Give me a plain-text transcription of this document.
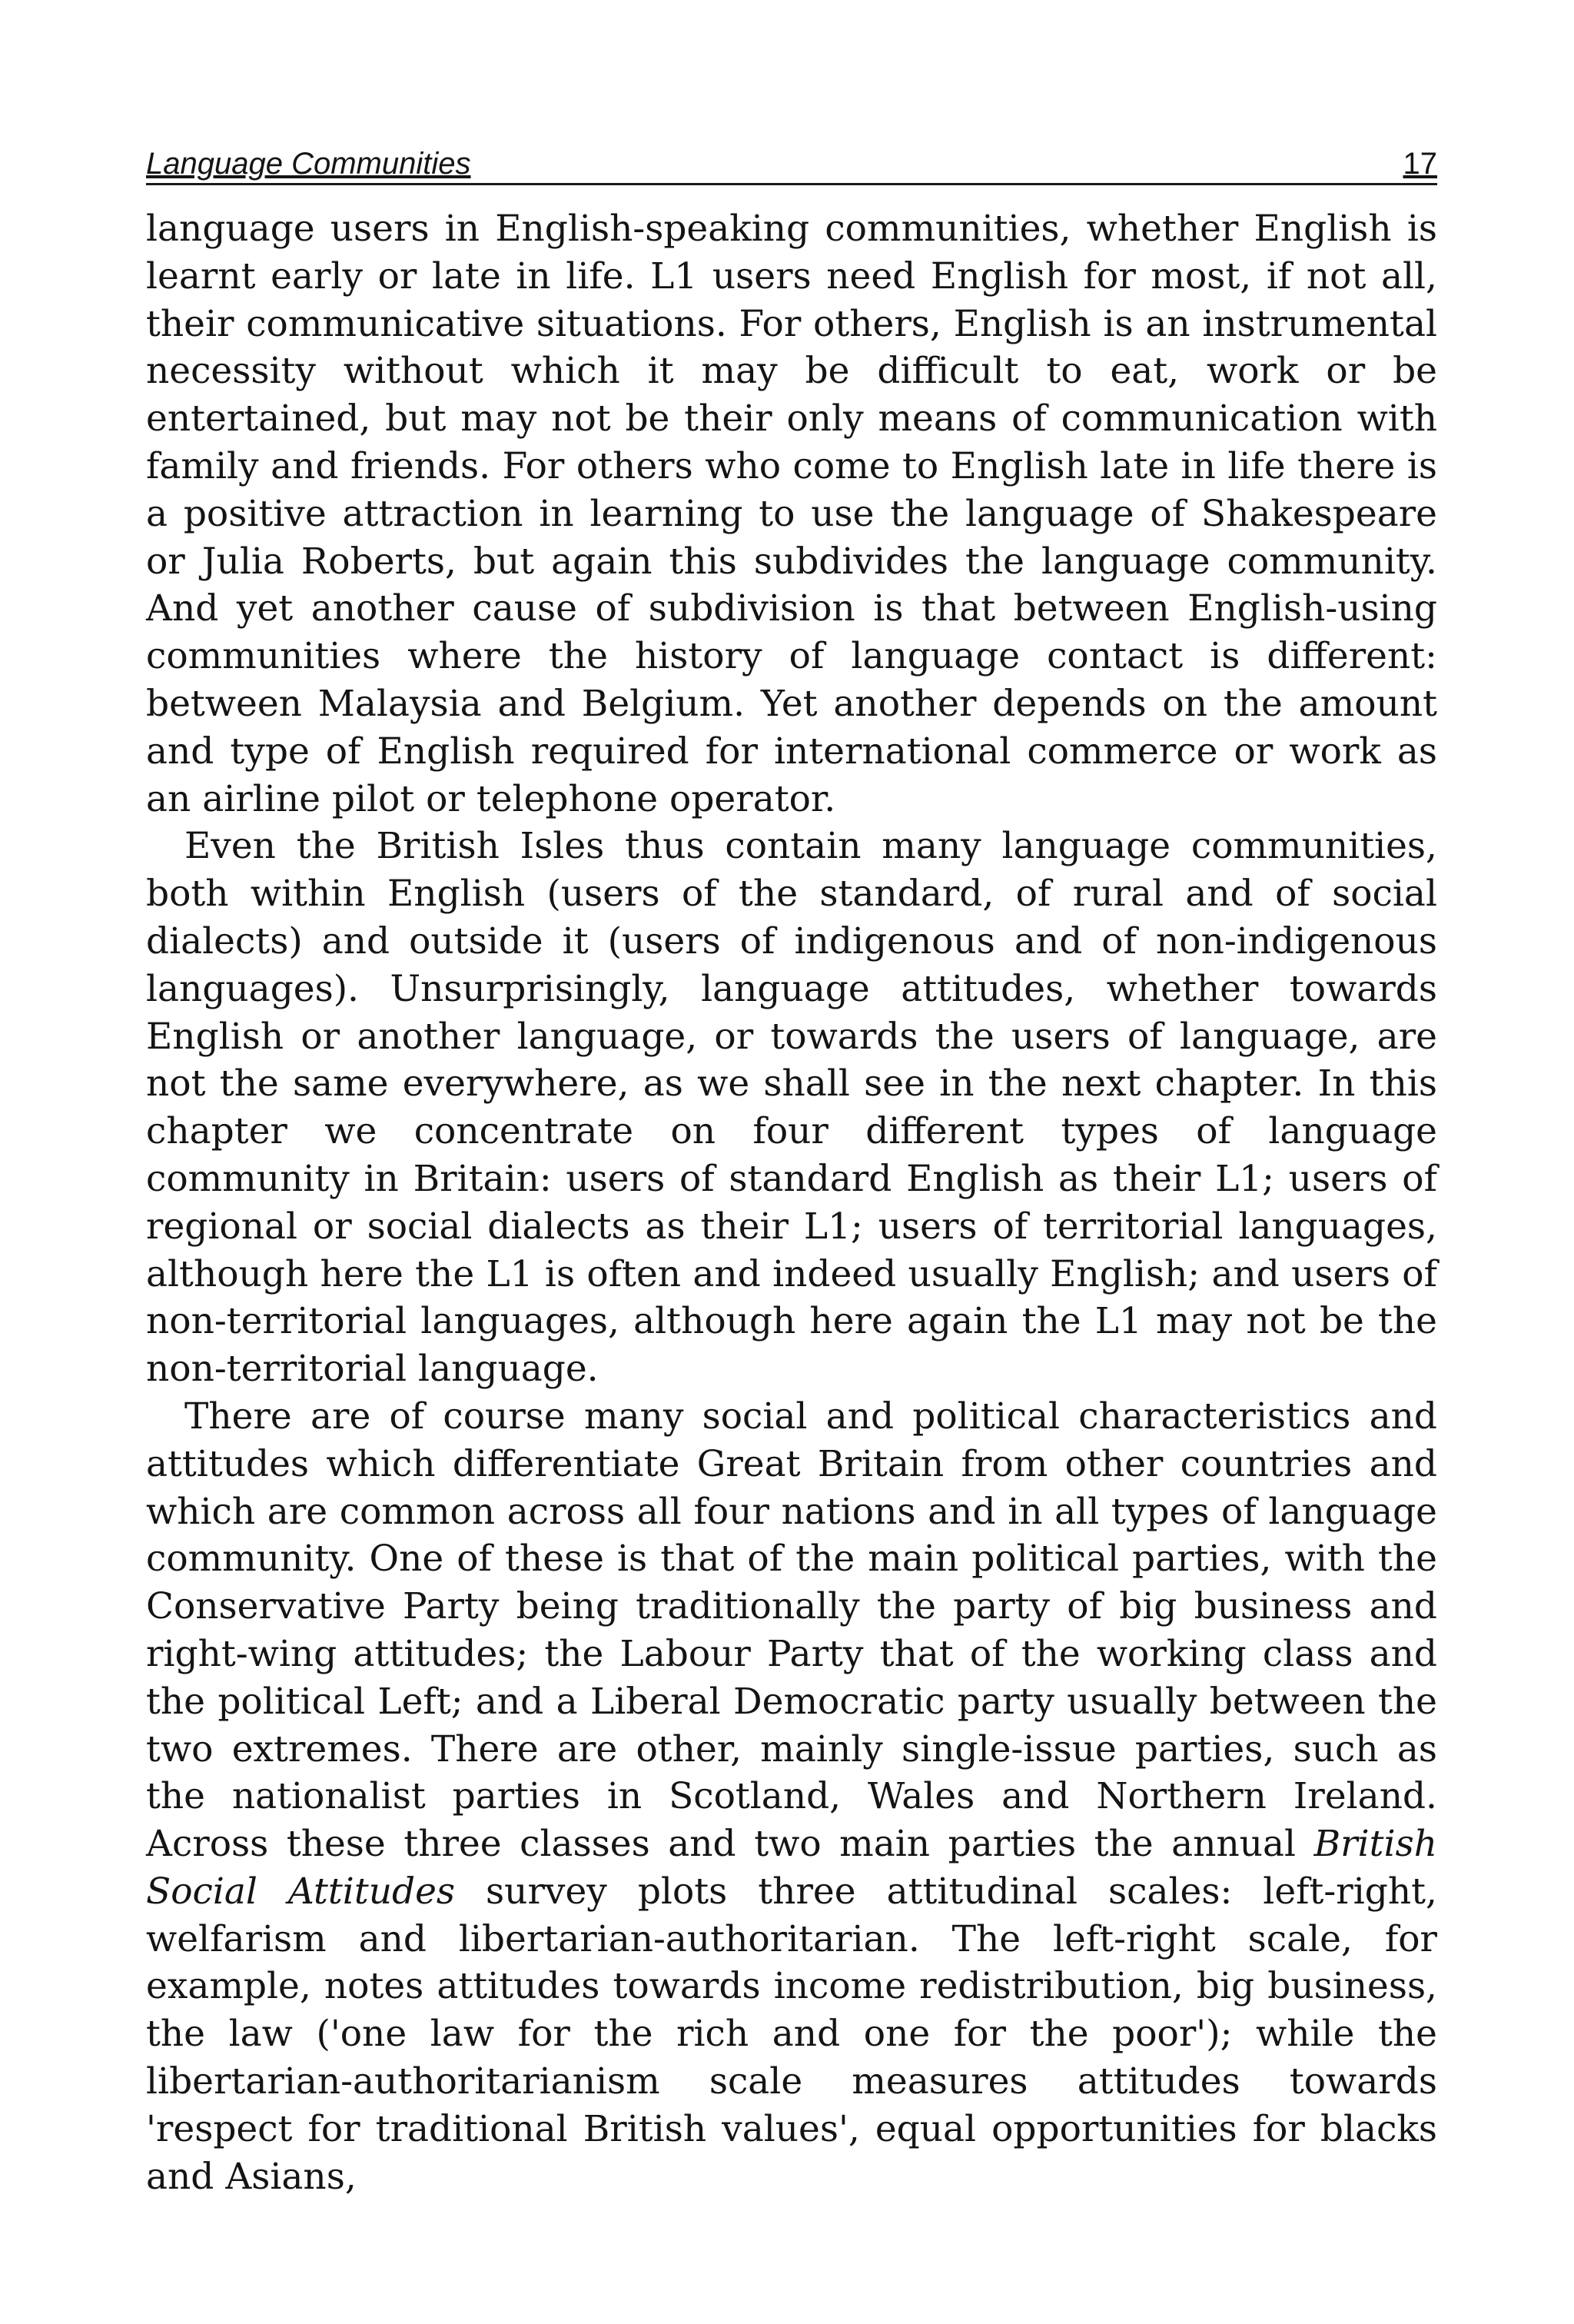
Language Communities	17

language users in English-speaking communities, whether English is learnt early or late in life. L1 users need English for most, if not all, their communicative situations. For others, English is an instrumental necessity without which it may be difficult to eat, work or be entertained, but may not be their only means of communication with family and friends. For others who come to English late in life there is a positive attraction in learning to use the language of Shakespeare or Julia Roberts, but again this subdivides the language community. And yet another cause of subdivision is that between English-using communities where the history of language contact is different: between Malaysia and Belgium. Yet another depends on the amount and type of English required for international commerce or work as an airline pilot or telephone operator.

Even the British Isles thus contain many language communities, both within English (users of the standard, of rural and of social dialects) and outside it (users of indigenous and of non-indigenous languages). Unsurprisingly, language attitudes, whether towards English or another language, or towards the users of language, are not the same everywhere, as we shall see in the next chapter. In this chapter we concentrate on four different types of language community in Britain: users of standard English as their L1; users of regional or social dialects as their L1; users of territorial languages, although here the L1 is often and indeed usually English; and users of non-territorial languages, although here again the L1 may not be the non-territorial language.

There are of course many social and political characteristics and attitudes which differentiate Great Britain from other countries and which are common across all four nations and in all types of language community. One of these is that of the main political parties, with the Conservative Party being traditionally the party of big business and right-wing attitudes; the Labour Party that of the working class and the political Left; and a Liberal Democratic party usually between the two extremes. There are other, mainly single-issue parties, such as the nationalist parties in Scotland, Wales and Northern Ireland. Across these three classes and two main parties the annual British Social Attitudes survey plots three attitudinal scales: left-right, welfarism and libertarian-authoritarian. The left-right scale, for example, notes attitudes towards income redistribution, big business, the law ('one law for the rich and one for the poor'); while the libertarian-authoritarianism scale measures attitudes towards 'respect for traditional British values', equal opportunities for blacks and Asians,
